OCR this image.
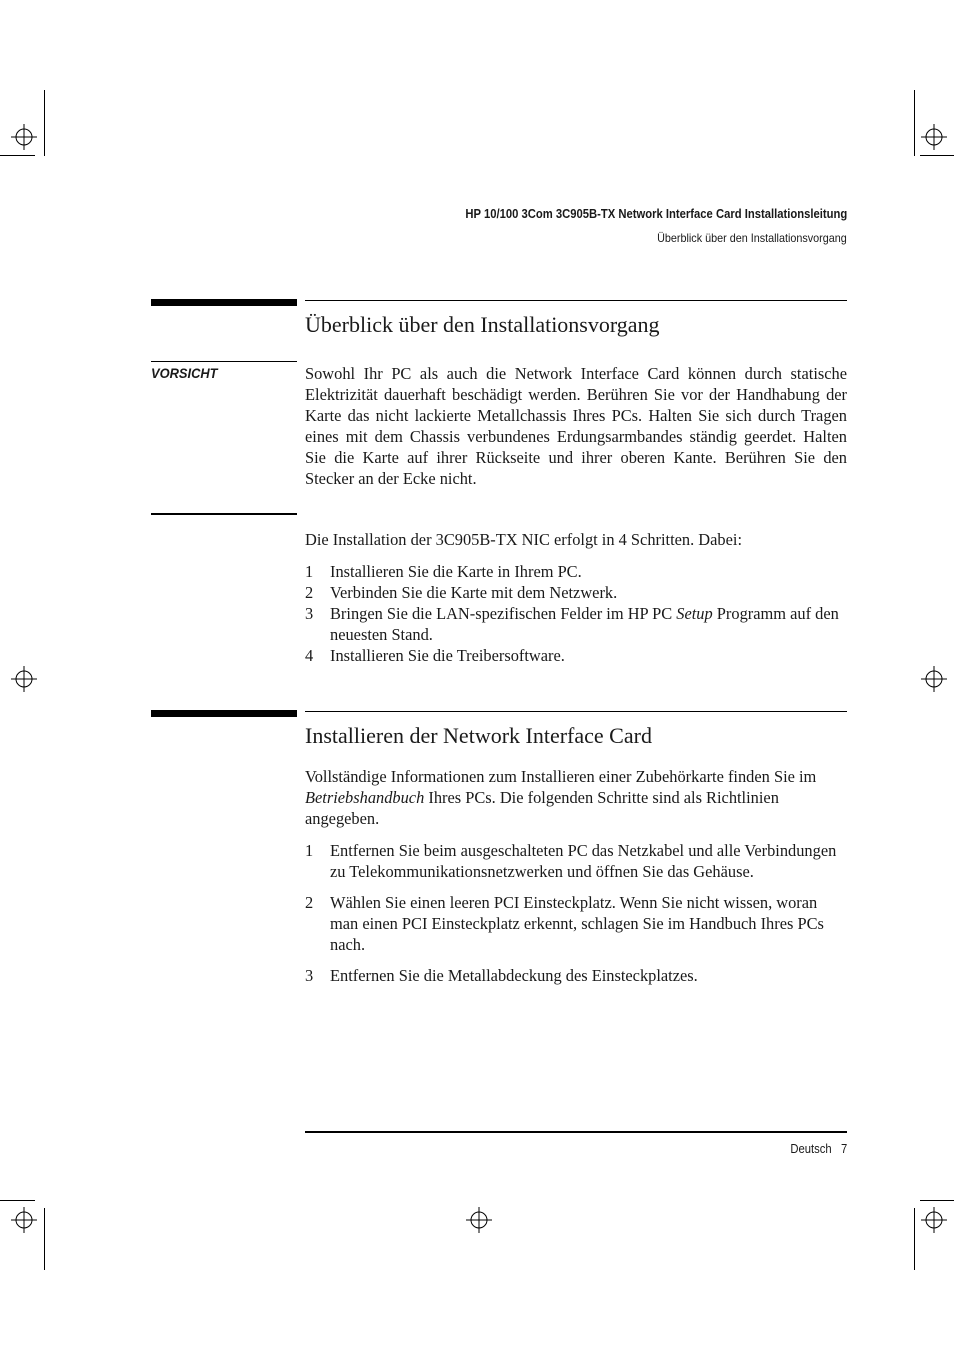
HP 10/100 3Com 3C905B-TX Network Interface Card Installationsleitung
Überblick über den Installationsvorgang
Überblick über den Installationsvorgang
VORSICHT	Sowohl Ihr PC als auch die Network Interface Card können durch statische Elektrizität dauerhaft beschädigt werden. Berühren Sie vor der Handhabung der Karte das nicht lackierte Metallchassis Ihres PCs. Halten Sie sich durch Tragen eines mit dem Chassis verbundenes Erdungsarmbandes ständig geerdet. Halten Sie die Karte auf ihrer Rückseite und ihrer oberen Kante. Berühren Sie den Stecker an der Ecke nicht.

Die Installation der 3C905B-TX NIC erfolgt in 4 Schritten. Dabei:

1 Installieren Sie die Karte in Ihrem PC.
2 Verbinden Sie die Karte mit dem Netzwerk.
3 Bringen Sie die LAN-spezifischen Felder im HP PC Setup Programm auf den neuesten Stand.
4 Installieren Sie die Treibersoftware.
Installieren der Network Interface Card

Vollständige Informationen zum Installieren einer Zubehörkarte finden Sie im Betriebshandbuch Ihres PCs. Die folgenden Schritte sind als Richtlinien angegeben.

1 Entfernen Sie beim ausgeschalteten PC das Netzkabel und alle Verbindungen zu Telekommunikationsnetzwerken und öffnen Sie das Gehäuse.
2 Wählen Sie einen leeren PCI Einsteckplatz. Wenn Sie nicht wissen, woran man einen PCI Einsteckplatz erkennt, schlagen Sie im Handbuch Ihres PCs nach.
3 Entfernen Sie die Metallabdeckung des Einsteckplatzes.
Deutsch 7
